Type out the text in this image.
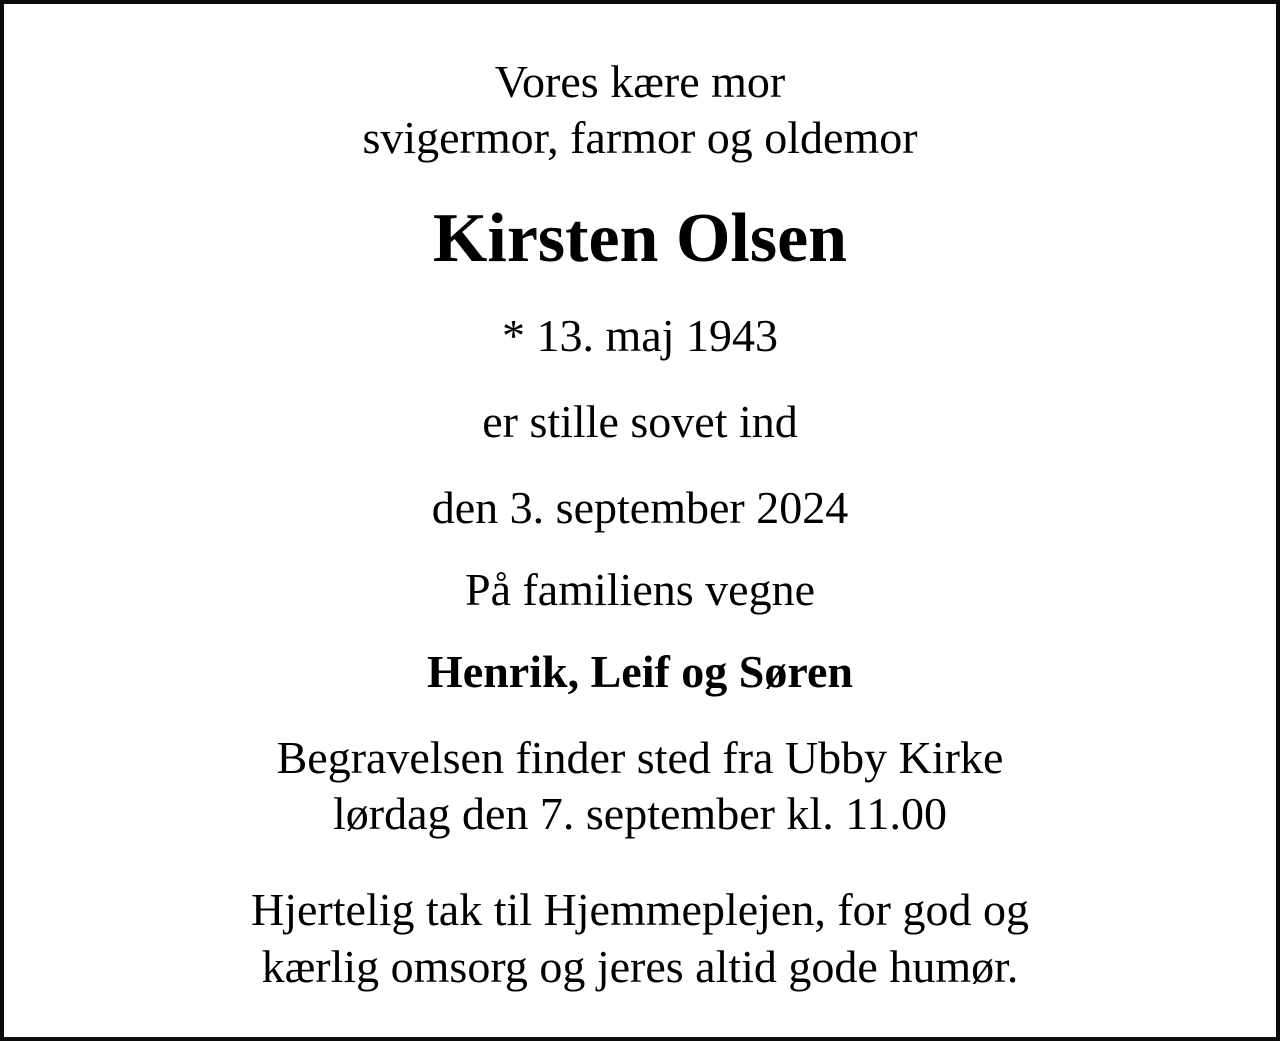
Vores kære mor
svigermor, farmor og oldemor

Kirsten Olsen

* 13. maj 1943

er stille sovet ind

den 3. september 2024

På familiens vegne

Henrik, Leif og Søren

Begravelsen finder sted fra Ubby Kirke
lørdag den 7. september kl. 11.00

Hjertelig tak til Hjemmeplejen, for god og
kærlig omsorg og jeres altid gode humør.
